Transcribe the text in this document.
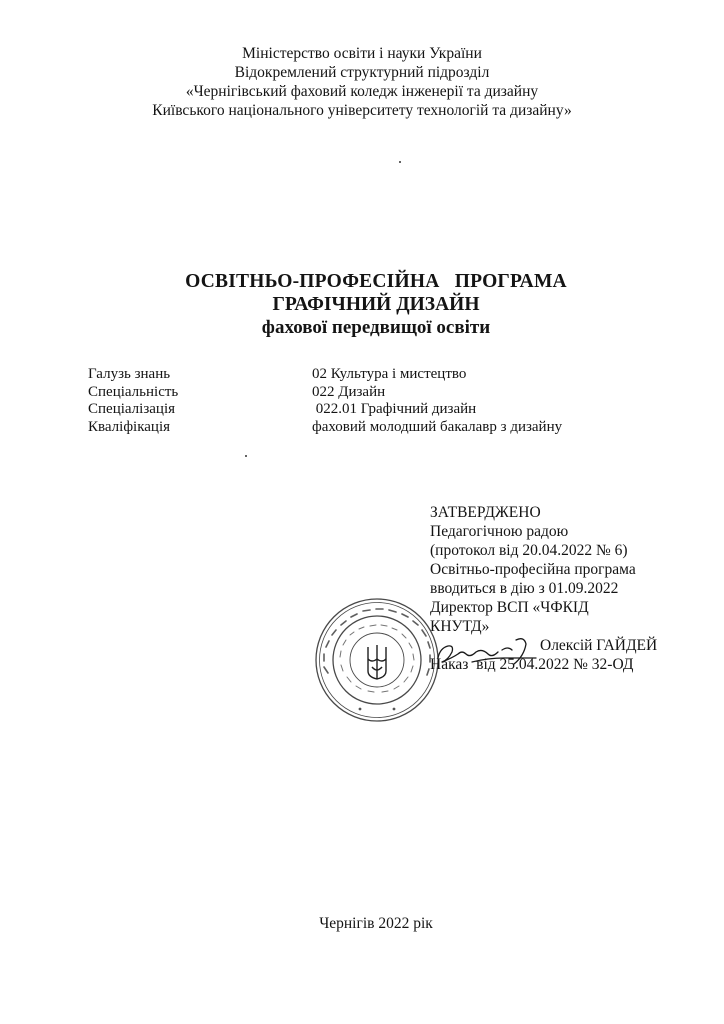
Міністерство освіти і науки України
Відокремлений структурний підрозділ
«Чернігівський фаховий коледж інженерії та дизайну
Київського національного університету технологій та дизайну»
ОСВІТНЬО-ПРОФЕСІЙНА   ПРОГРАМА
ГРАФІЧНИЙ ДИЗАЙН
фахової передвищої освіти
Галузь знань	02 Культура і мистецтво
Спеціальність	022 Дизайн
Спеціалізація	022.01 Графічний дизайн
Кваліфікація	фаховий молодший бакалавр з дизайну
ЗАТВЕРДЖЕНО
Педагогічною радою
(протокол від 20.04.2022 № 6)
Освітньо-професійна програма
вводиться в дію з 01.09.2022
Директор ВСП «ЧФКІД
КНУТД»
Олексій ГАЙДЕЙ
Наказ  від 25.04.2022 № 32-ОД
Чернігів 2022 рік
